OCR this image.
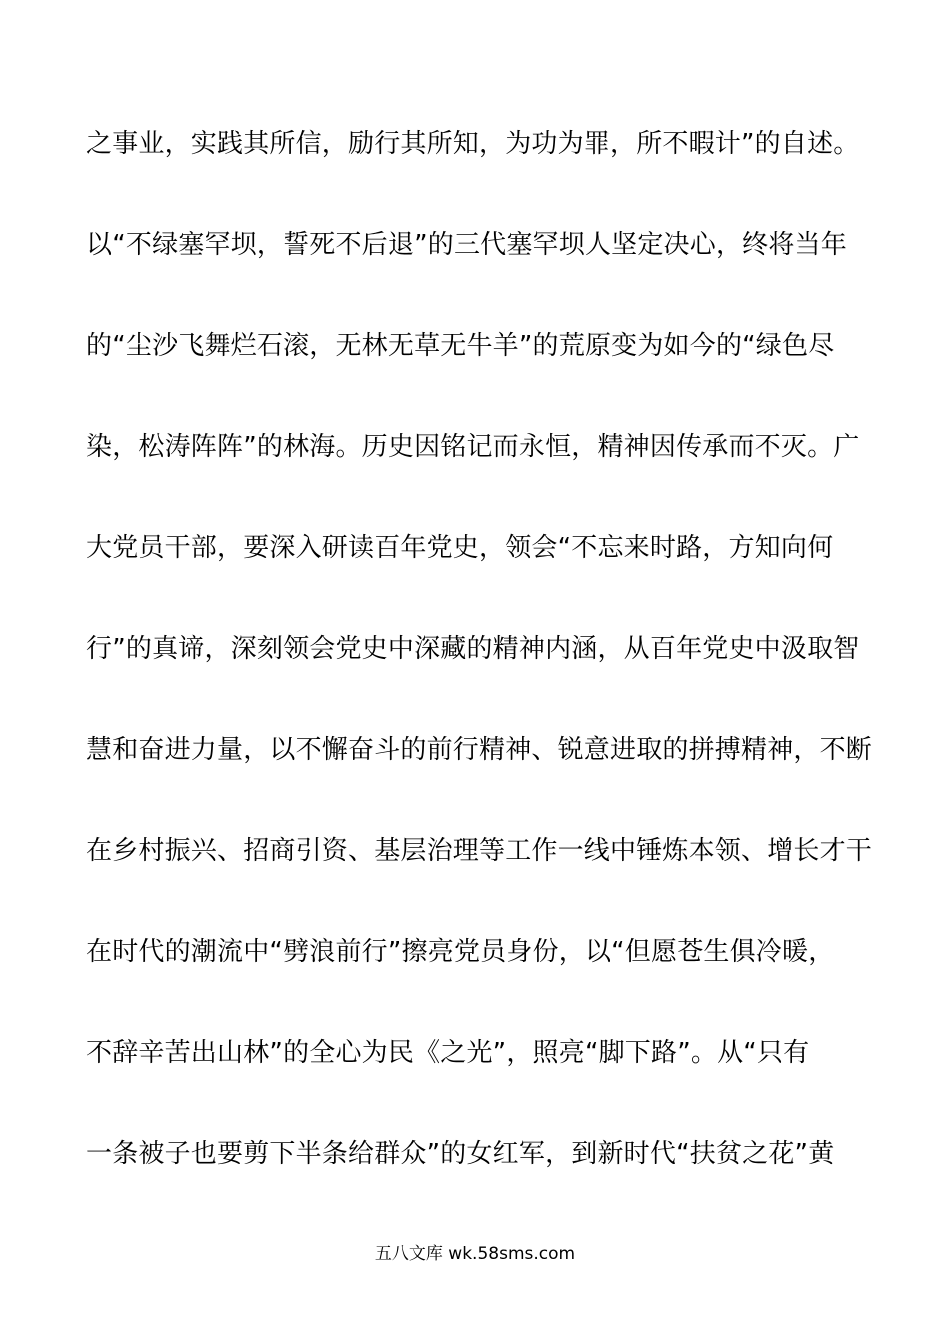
之事业，实践其所信，励行其所知，为功为罪，所不暇计”的自述。
以“不绿塞罕坝，誓死不后退”的三代塞罕坝人坚定决心，终将当年
的“尘沙飞舞烂石滚，无林无草无牛羊”的荒原变为如今的“绿色尽
染，松涛阵阵”的林海。历史因铭记而永恒，精神因传承而不灭。广
大党员干部，要深入研读百年党史，领会“不忘来时路，方知向何
行”的真谛，深刻领会党史中深藏的精神内涵，从百年党史中汲取智
慧和奋进力量，以不懈奋斗的前行精神、锐意进取的拼搏精神，不断
在乡村振兴、招商引资、基层治理等工作一线中锤炼本领、增长才干
在时代的潮流中“劈浪前行”擦亮党员身份，以“但愿苍生俱冷暖，
不辞辛苦出山林”的全心为民《之光”，照亮“脚下路”。从“只有
一条被子也要剪下半条给群众”的女红军，到新时代“扶贫之花”黄
五八文库 wk.58sms.com
